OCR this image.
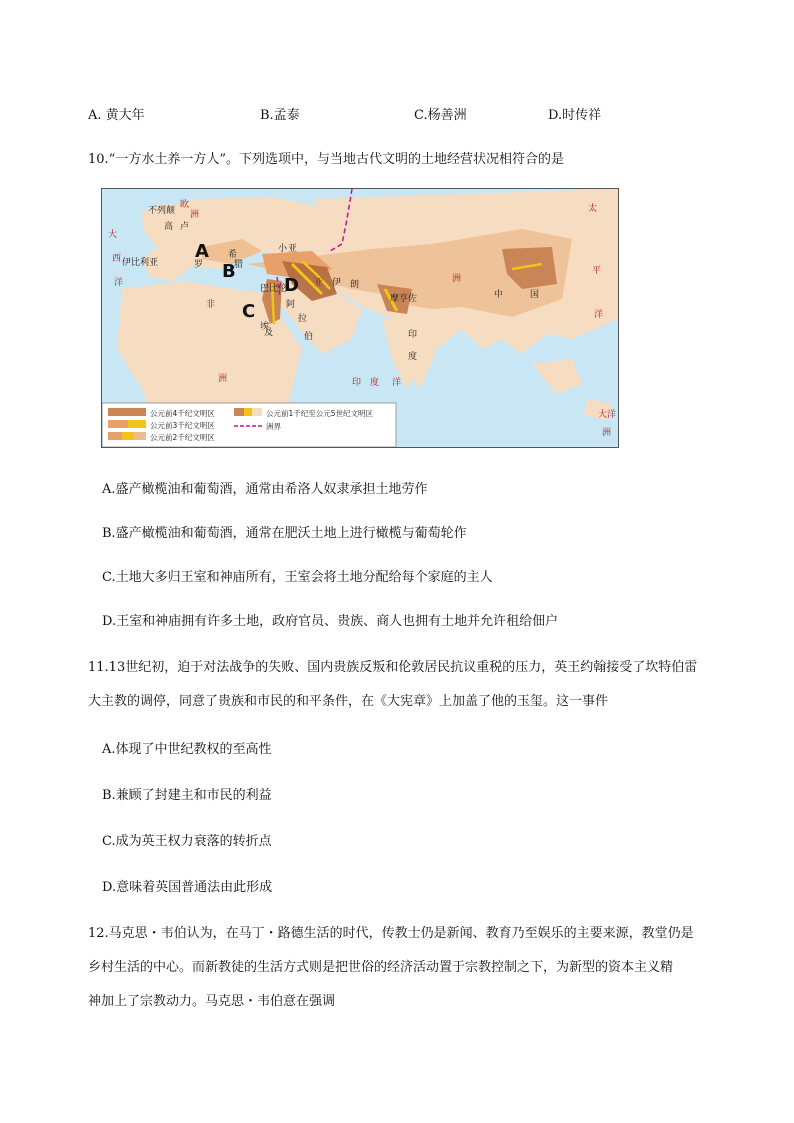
A. 黄大年	B.孟泰	C.杨善洲	D.时传祥
10.“一方水土养一方人”。下列选项中，与当地古代文明的土地经营状况相符合的是
欧
洲
大
西
洋
不列颠
高 卢
伊比利亚	罗
希
腊
小 亚
亚 伊 朗
巴比伦
阿
拉
伯
埃
及
非
洲
洲
中	国
印
度
摩亨佐
太
平
洋
印 度 洋
大洋
洲
A
B
C
D
公元前4千纪文明区
公元前3千纪文明区
公元前2千纪文明区
公元前1千纪至公元5世纪文明区
洲界
A.盛产橄榄油和葡萄酒，通常由希洛人奴隶承担土地劳作
B.盛产橄榄油和葡萄酒，通常在肥沃土地上进行橄榄与葡萄轮作
C.土地大多归王室和神庙所有，王室会将土地分配给每个家庭的主人
D.王室和神庙拥有许多土地，政府官员、贵族、商人也拥有土地并允许租给佃户
11.13世纪初，迫于对法战争的失败、国内贵族反叛和伦敦居民抗议重税的压力，英王约翰接受了坎特伯雷
大主教的调停，同意了贵族和市民的和平条件，在《大宪章》上加盖了他的玉玺。这一事件
A.体现了中世纪教权的至高性
B.兼顾了封建主和市民的利益
C.成为英王权力衰落的转折点
D.意味着英国普通法由此形成
12.马克思・韦伯认为，在马丁・路德生活的时代，传教士仍是新闻、教育乃至娱乐的主要来源，教堂仍是
乡村生活的中心。而新教徒的生活方式则是把世俗的经济活动置于宗教控制之下，为新型的资本主义精
神加上了宗教动力。马克思・韦伯意在强调
